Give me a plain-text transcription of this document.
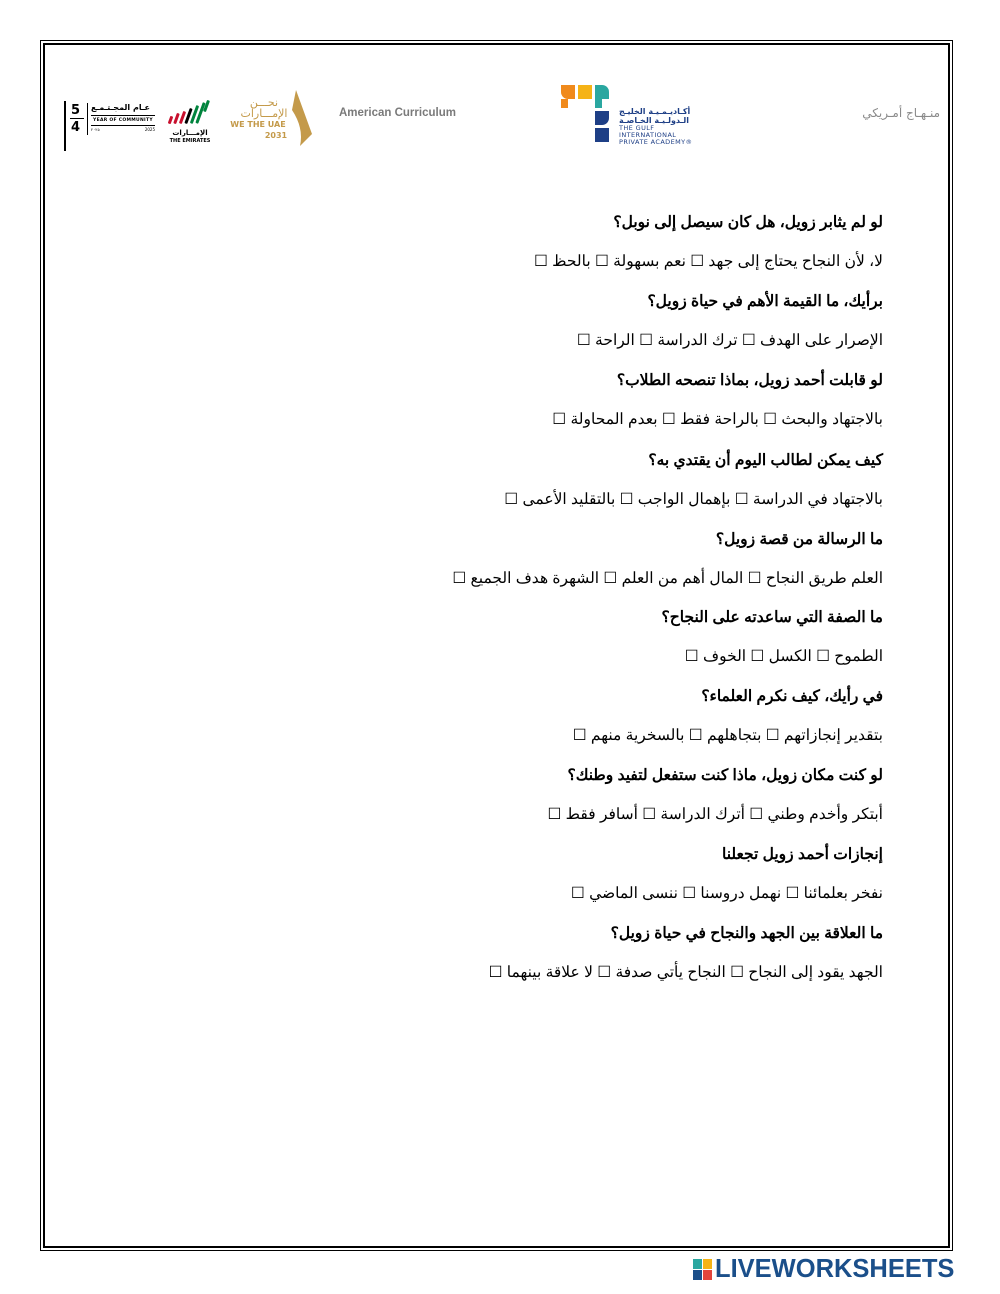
5
4
عـام المجـتـمـع
YEAR OF COMMUNITY
٢٠٢٥	2025	الإمـــارات
THE EMIRATES
نحـــن
الإمـــارات
WE THE UAE
2031
American Curriculum	أكـاديـمـيـة الخليـج
الـدولـيـة الخـاصـة
THE GULF
INTERNATIONAL
PRIVATE ACADEMY®
منـهـاج أمـريكي
لو لم يثابر زويل، هل كان سيصل إلى نوبل؟
لا، لأن النجاح يحتاج إلى جهد ☐ نعم بسهولة ☐ بالحظ ☐
برأيك، ما القيمة الأهم في حياة زويل؟
الإصرار على الهدف ☐ ترك الدراسة ☐ الراحة ☐
لو قابلت أحمد زويل، بماذا تنصحه الطلاب؟
بالاجتهاد والبحث ☐ بالراحة فقط ☐ بعدم المحاولة ☐
كيف يمكن لطالب اليوم أن يقتدي به؟
بالاجتهاد في الدراسة ☐ بإهمال الواجب ☐ بالتقليد الأعمى ☐
ما الرسالة من قصة زويل؟
العلم طريق النجاح ☐ المال أهم من العلم ☐ الشهرة هدف الجميع ☐
ما الصفة التي ساعدته على النجاح؟
الطموح ☐ الكسل ☐ الخوف ☐
في رأيك، كيف نكرم العلماء؟
بتقدير إنجازاتهم ☐ بتجاهلهم ☐ بالسخرية منهم ☐
لو كنت مكان زويل، ماذا كنت ستفعل لتفيد وطنك؟
أبتكر وأخدم وطني ☐ أترك الدراسة ☐ أسافر فقط ☐
إنجازات أحمد زويل تجعلنا
نفخر بعلمائنا ☐ نهمل دروسنا ☐ ننسى الماضي ☐
ما العلاقة بين الجهد والنجاح في حياة زويل؟
الجهد يقود إلى النجاح ☐ النجاح يأتي صدفة ☐ لا علاقة بينهما ☐
LIVEWORKSHEETS
